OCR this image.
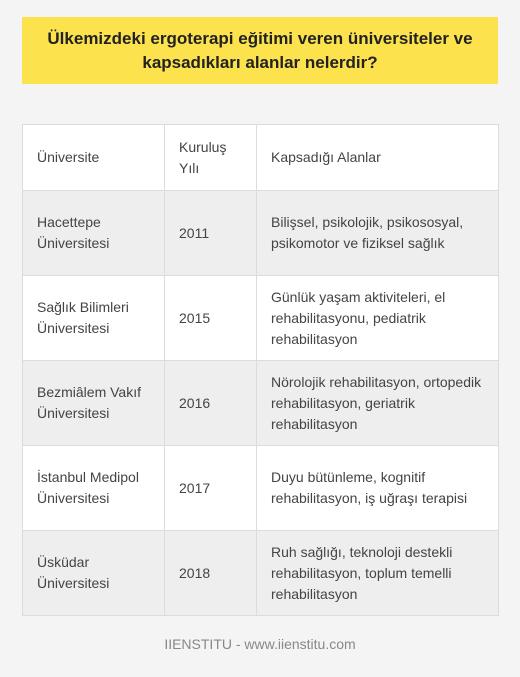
Ülkemizdeki ergoterapi eğitimi veren üniversiteler ve kapsadıkları alanlar nelerdir?
Üniversite	Kuruluş Yılı	Kapsadığı Alanlar
Hacettepe Üniversitesi	2011	Bilişsel, psikolojik, psikososyal, psikomotor ve fiziksel sağlık
Sağlık Bilimleri Üniversitesi	2015	Günlük yaşam aktiviteleri, el rehabilitasyonu, pediatrik rehabilitasyon
Bezmiâlem Vakıf Üniversitesi	2016	Nörolojik rehabilitasyon, ortopedik rehabilitasyon, geriatrik rehabilitasyon
İstanbul Medipol Üniversitesi	2017	Duyu bütünleme, kognitif rehabilitasyon, iş uğraşı terapisi
Üsküdar Üniversitesi	2018	Ruh sağlığı, teknoloji destekli rehabilitasyon, toplum temelli rehabilitasyon
IIENSTITU - www.iienstitu.com
